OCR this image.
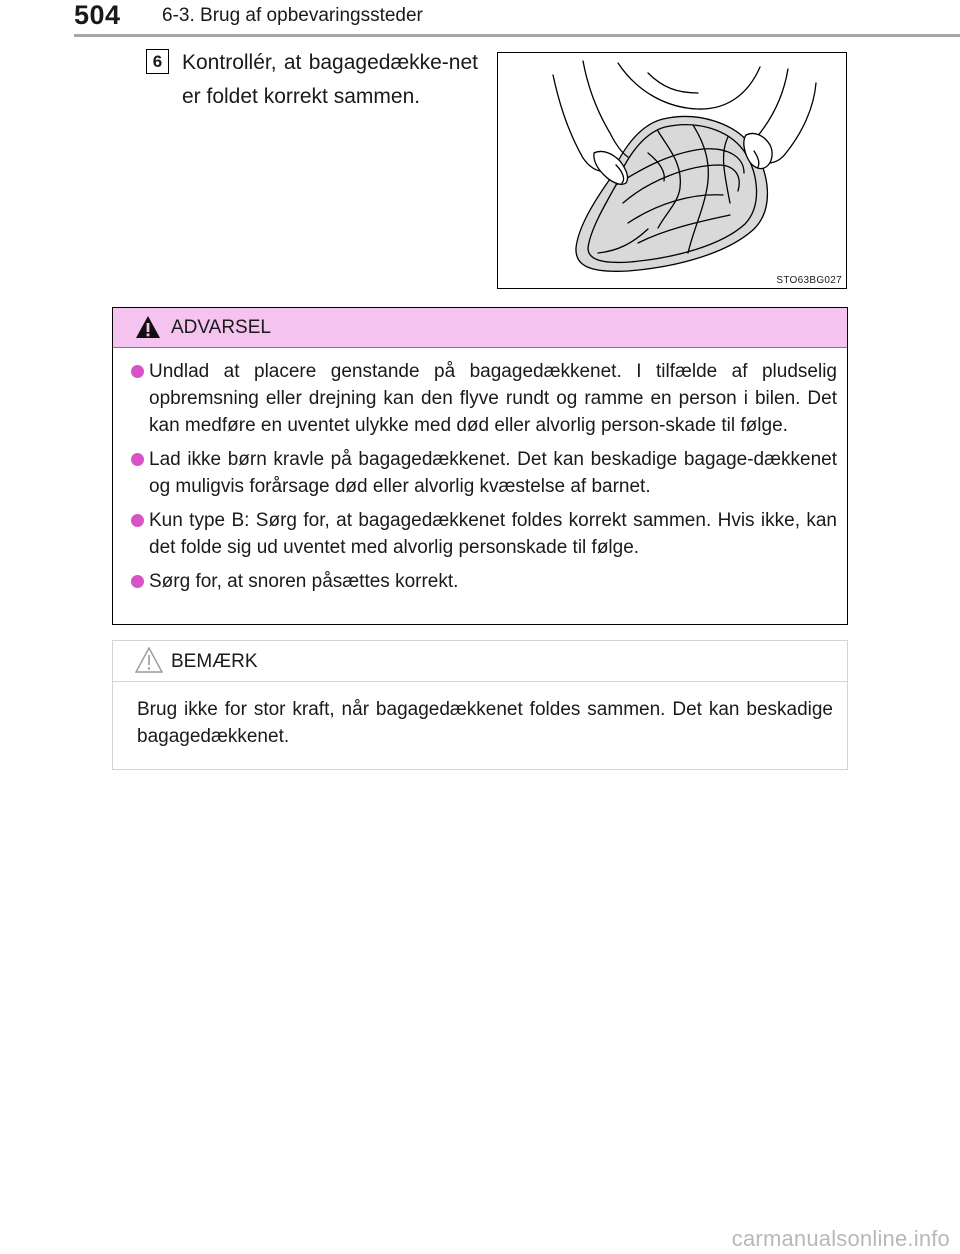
504 6-3. Brug af opbevaringssteder
6 Kontrollér, at bagagedække-net er foldet korrekt sammen.
STO63BG027
ADVARSEL
Undlad at placere genstande på bagagedækkenet. I tilfælde af pludselig opbremsning eller drejning kan den flyve rundt og ramme en person i bilen. Det kan medføre en uventet ulykke med død eller alvorlig person-skade til følge.
Lad ikke børn kravle på bagagedækkenet. Det kan beskadige bagage-dækkenet og muligvis forårsage død eller alvorlig kvæstelse af barnet.
Kun type B: Sørg for, at bagagedækkenet foldes korrekt sammen. Hvis ikke, kan det folde sig ud uventet med alvorlig personskade til følge.
Sørg for, at snoren påsættes korrekt.
BEMÆRK
Brug ikke for stor kraft, når bagagedækkenet foldes sammen. Det kan beskadige bagagedækkenet.
carmanualsonline.info
